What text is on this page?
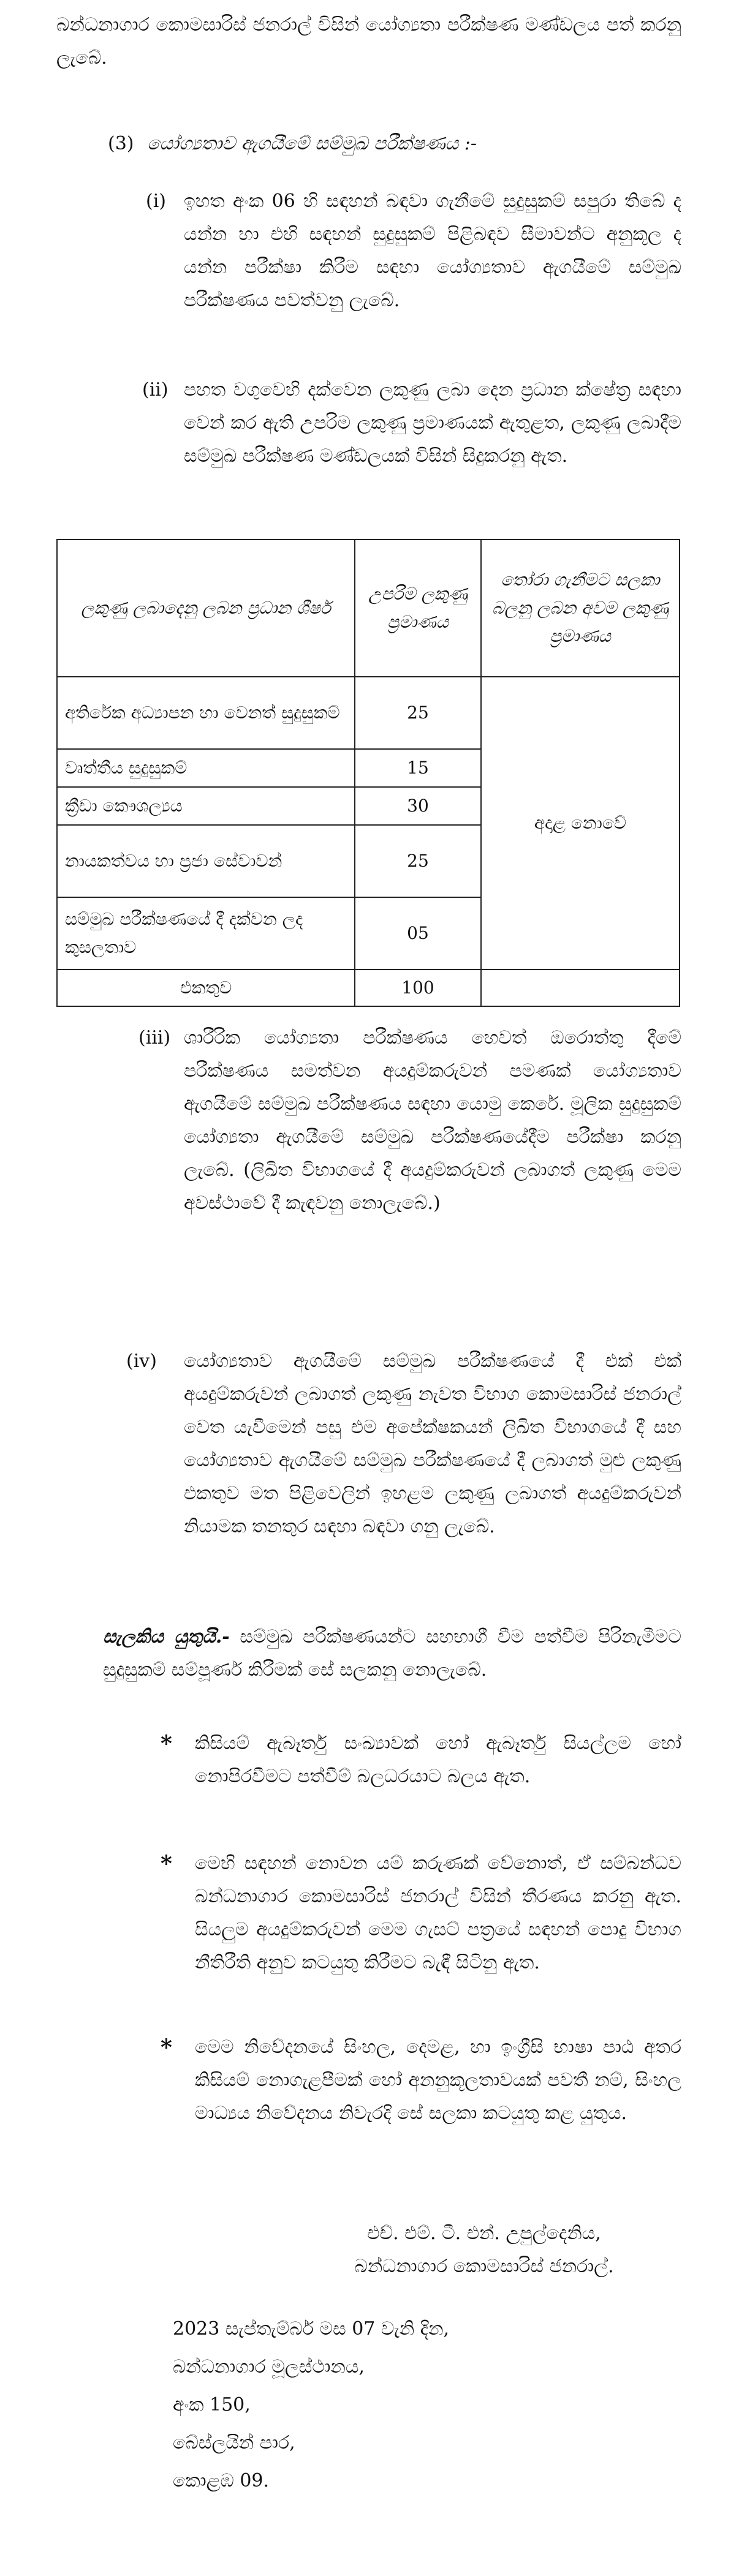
බන්ධනාගාර කොමසාරිස් ජනරාල් විසින් යෝග්‍යතා පරීක්ෂණ මණ්ඩලය පත් කරනු ලැබේ.
(3) යෝග්‍යතාව ඇගයීමේ සම්මුඛ පරීක්ෂණය :-
(i) ඉහත අංක 06 හි සඳහන් බඳවා ගැනීමේ සුදුසුකම් සපුරා තිබේ ද යන්න හා එහි සඳහන් සුදුසුකම් පිළිබඳව සීමාවන්ට අනුකූල ද යන්න පරීක්ෂා කිරීම සඳහා යෝග්‍යතාව ඇගයීමේ සම්මුඛ පරීක්ෂණය පවත්වනු ලැබේ.
(ii) පහත වගුවෙහි දක්වෙන ලකුණු ලබා දෙන ප්‍රධාන ක්ෂේත්‍ර සඳහා වෙන් කර ඇති උපරිම ලකුණු ප්‍රමාණයක් ඇතුළත, ලකුණු ලබාදීම සම්මුඛ පරීක්ෂණ මණ්ඩලයක් විසින් සිදුකරනු ඇත.
ලකුණු ලබාදෙනු ලබන ප්‍රධාන ශීර්ෂ	උපරිම ලකුණු ප්‍රමාණය	තෝරා ගැනීමට සලකා බලනු ලබන අවම ලකුණු ප්‍රමාණය
අතිරේක අධ්‍යාපන හා වෙනත් සුදුසුකම්	25	අදාළ නොවේ
වෘත්තීය සුදුසුකම්	15	
ක්‍රීඩා කෞශල්‍යය	30	
නායකත්වය හා ප්‍රජා සේවාවන්	25	
සම්මුඛ පරීක්ෂණයේ දී දක්වන ලද කුසලතාව	05	
එකතුව	100	
(iii) ශාරීරික යෝග්‍යතා පරීක්ෂණය හෙවත් ඔරොත්තු දීමේ පරීක්ෂණය සමත්වන අයදුම්කරුවන් පමණක් යෝග්‍යතාව ඇගයීමේ සම්මුඛ පරීක්ෂණය සඳහා යොමු කෙරේ. මූලික සුදුසුකම් යෝග්‍යතා ඇගයීමේ සම්මුඛ පරීක්ෂණයේදීම පරීක්ෂා කරනු ලැබේ. (ලිඛිත විභාගයේ දී අයදුම්කරුවන් ලබාගත් ලකුණු මෙම අවස්ථාවේ දී කැඳවනු නොලැබේ.)
(iv) යෝග්‍යතාව ඇගයීමේ සම්මුඛ පරීක්ෂණයේ දී එක් එක් අයදුම්කරුවන් ලබාගත් ලකුණු නැවත විභාග කොමසාරිස් ජනරාල් වෙත යැවීමෙන් පසු එම අපේක්ෂකයන් ලිඛිත විභාගයේ දී සහ යෝග්‍යතාව ඇගයීමේ සම්මුඛ පරීක්ෂණයේ දී ලබාගත් මුළු ලකුණු එකතුව මත පිළිවෙලින් ඉහළම ලකුණු ලබාගත් අයදුම්කරුවන් නියාමක තනතුර සඳහා බඳවා ගනු ලැබේ.
සැලකිය යුතුයි.- සම්මුඛ පරීක්ෂණයන්ට සහභාගී වීම පත්වීම පිරිනැමීමට සුදුසුකම් සම්පූර්ණ කිරීමක් සේ සලකනු නොලැබේ.
* කිසියම් ඇබෑර්තු සංඛ්‍යාවක් හෝ ඇබෑර්තු සියල්ලම හෝ නොපිරවීමට පත්වීම් බලධරයාට බලය ඇත.
* මෙහි සඳහන් නොවන යම් කරුණක් වේනොත්, ඒ සම්බන්ධව බන්ධනාගාර කොමසාරිස් ජනරාල් විසින් තීරණය කරනු ඇත. සියලුම අයදුම්කරුවන් මෙම ගැසට් පත්‍රයේ සඳහන් පොදු විභාග නීතිරීති අනුව කටයුතු කිරීමට බැඳී සිටිනු ඇත.
* මෙම නිවේදනයේ සිංහල, දෙමළ, හා ඉංග්‍රීසි භාෂා පාඨ අතර කිසියම් නොගැළපීමක් හෝ අනනුකූලතාවයක් පවතී නම්, සිංහල මාධ්‍යය නිවේදනය නිවැරදි සේ සලකා කටයුතු කළ යුතුය.
එච්. එම්. ටී. එන්. උපුල්දෙනිය,
බන්ධනාගාර කොමසාරිස් ජනරාල්.
2023 සැප්තැම්බර් මස 07 වැනි දින,
බන්ධනාගාර මූලස්ථානය,
අංක 150,
බේස්ලයින් පාර,
කොළඹ 09.
